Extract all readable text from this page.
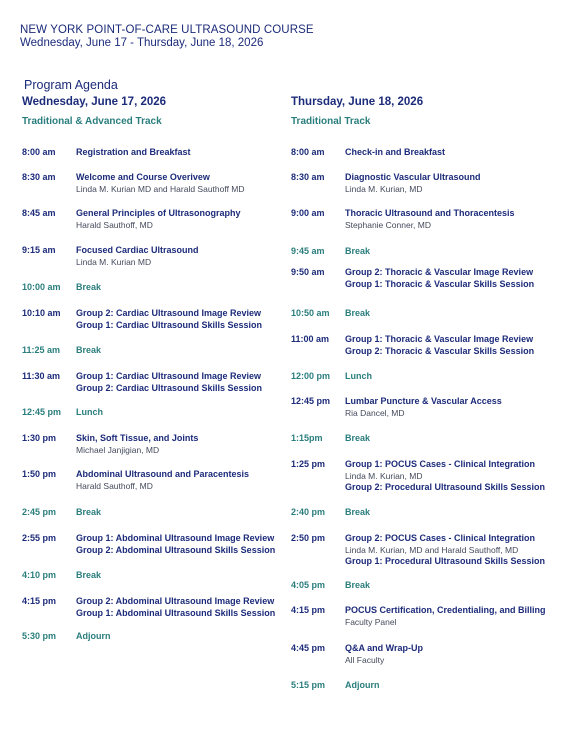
NEW YORK POINT-OF-CARE ULTRASOUND COURSE
Wednesday, June 17 - Thursday, June 18, 2026
Program Agenda
Wednesday, June 17, 2026
Traditional & Advanced Track
8:00 am	Registration and Breakfast
8:30 am	Welcome and Course Overivew
Linda M. Kurian MD and Harald Sauthoff MD
8:45 am	General Principles of Ultrasonography
Harald Sauthoff, MD
9:15 am	Focused Cardiac Ultrasound
Linda M. Kurian MD
10:00 am	Break
10:10 am	Group 2: Cardiac Ultrasound Image Review
Group 1: Cardiac Ultrasound Skills Session
11:25 am	Break
11:30 am	Group 1: Cardiac Ultrasound Image Review
Group 2: Cardiac Ultrasound Skills Session
12:45 pm	Lunch
1:30 pm	Skin, Soft Tissue, and Joints
Michael Janjigian, MD
1:50 pm	Abdominal Ultrasound and Paracentesis
Harald Sauthoff, MD
2:45 pm	Break
2:55 pm	Group 1: Abdominal Ultrasound Image Review
Group 2: Abdominal Ultrasound Skills Session
4:10 pm	Break
4:15 pm	Group 2: Abdominal Ultrasound Image Review
Group 1: Abdominal Ultrasound Skills Session
5:30 pm	Adjourn
Thursday, June 18, 2026
Traditional Track
8:00 am	Check-in and Breakfast
8:30 am	Diagnostic Vascular Ultrasound
Linda M. Kurian, MD
9:00 am	Thoracic Ultrasound and Thoracentesis
Stephanie Conner, MD
9:45 am	Break
9:50 am	Group 2: Thoracic & Vascular Image Review
Group 1: Thoracic & Vascular Skills Session
10:50 am	Break
11:00 am	Group 1: Thoracic & Vascular Image Review
Group 2: Thoracic & Vascular Skills Session
12:00 pm	Lunch
12:45 pm	Lumbar Puncture & Vascular Access
Ria Dancel, MD
1:15pm	Break
1:25 pm	Group 1: POCUS Cases - Clinical Integration
Linda M. Kurian, MD
Group 2: Procedural Ultrasound Skills Session
2:40 pm	Break
2:50 pm	Group 2: POCUS Cases - Clinical Integration
Linda M. Kurian, MD and Harald Sauthoff, MD
Group 1: Procedural Ultrasound Skills Session
4:05 pm	Break
4:15 pm	POCUS Certification, Credentialing, and Billing
Faculty Panel
4:45 pm	Q&A and Wrap-Up
All Faculty
5:15 pm	Adjourn
